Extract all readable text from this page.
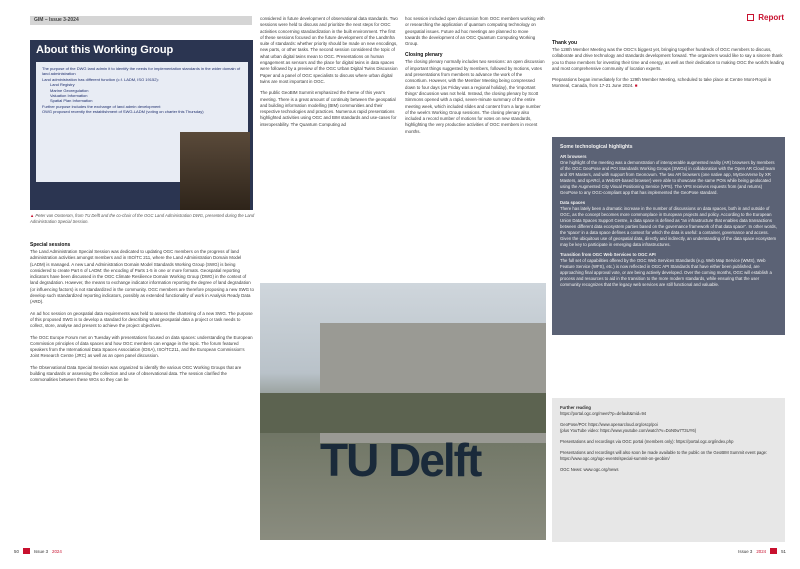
GIM – Issue 3-2024	Report
About this Working Group
The purpose of the DWG land admin it to identify the needs for implementation standards in the wider domain of land administration
Land administration has different function (c.f. LADM, ISO 19152):
Land Registry
Marine Georegulation
Valuation Information
Spatial Plan Information
Further purpose includes the exchange of land admin development
OWG proposed recently the establishment of SWG-LADM (voting on charter this Thursday)
▲ Peter van Oosterom, from TU Delft and the co-chair of the OGC Land Administration DWG, presented during the Land Administration Special Session.
Special sessions

The Land Administration Special Session was dedicated to updating OGC members on the progress of land administration activities amongst members and in ISO/TC 211, where the Land Administration Domain Model (LADM) is managed. A new Land Administration Domain Model Standards Working Group (SWG) is being considered to create Part 6 of LADM: the encoding of Parts 1-5 in one or more formats. Geospatial reporting indicators have been discussed in the OGC Climate Resilience Domain Working Group (DWG) in the context of land degradation. However, the means to exchange indicator information reporting the degree of land degradation (or influencing factors) is not standardized in the community. OGC members are therefore proposing a new SWG to develop such standardized reporting indicators, possibly as extended functionality of work in Analysis Ready Data (ARD).

An ad hoc session on geospatial data requirements was held to assess the chartering of a new SWG. The purpose of this proposed SWG is to develop a standard for describing what geospatial data a project or task needs to collect, store, analyse and present to achieve the project objectives.

The OGC Europe Forum met on Tuesday with presentations focused on data spaces: understanding the European Commission principles of data spaces and how OGC members can engage in the topic. The forum featured speakers from the International Data Spaces Association (IDSA), ISO/TC211, and the European Commission's Joint Research Centre (JRC) as well as an open panel discussion.

The Observational Data Special Session was organized to identify the various OGC Working Groups that are building standards or assessing the collection and use of observational data. The session clarified the commonalities between these WGs so they can be

considered in future development of observational data standards. Two sessions were held to discuss and prioritize the next steps for OGC activities concerning standardization in the built environment. The first of these sessions focused on the future development of the LandInfra suite of standards: whether priority should be made on new encodings, new parts, or other tasks. The second session considered the topic of what urban digital twins mean to OGC. Presentations on human engagement as sensors and the place for digital twins in data spaces were followed by a preview of the OGC Urban Digital Twins Discussion Paper and a panel of OGC specialists to discuss where urban digital twins are most important in OGC.

The public GeoBIM Summit emphasized the theme of this year's meeting. There is a great amount of continuity between the geospatial and building information modelling (BIM) communities and their respective technologies and practices. Numerous rapid presentations highlighted activities using OGC and BIM standards and use-cases for interoperability. The Quantum Computing ad

hoc session included open discussion from OGC members working with or researching the application of quantum computing technology on geospatial issues. Future ad hoc meetings are planned to move towards the development of an OGC Quantum Computing Working Group.

Closing plenary

The closing plenary normally includes two sessions: an open discussion of important things suggested by members, followed by motions, votes and presentations from members to advance the work of the consortium. However, with the Member Meeting being compressed down to four days (as Friday was a regional holiday), the 'important things' discussion was not held. Instead, the closing plenary by Scott Simmons opened with a rapid, seven-minute summary of the entire meeting week, which included slides and content from a large number of the week's Working Group sessions. The closing plenary also included a record number of motions for votes on new standards, highlighting the very productive activities of OGC members in recent months.

Thank you

The 128th Member Meeting was the OGC's biggest yet, bringing together hundreds of OGC members to discuss, collaborate and drive technology and standards development forward. The organizers would like to say a sincere thank you to those members for investing their time and energy, as well as their dedication to making OGC the world's leading and most comprehensive community of location experts.

Preparations began immediately for the 129th Member Meeting, scheduled to take place at Centre Mont-Royal in Montreal, Canada, from 17-21 June 2024. ■

TU Delft
Some technological highlights
AR browsers

One highlight of the meeting was a demonstration of interoperable augmented reality (AR) browsers by members of the OGC GeoPose and POI Standards Working Groups (SWGs) in collaboration with the Open AR Cloud team and XR Masters, and with support from Geonovum. The two AR browsers (one native app, MyGeoVerse by XR Masters, and spARcl, a WebXR-based browser) were able to showcase the same POIs while being geolocated using the Augmented City Visual Positioning Service (VPS). The VPS receives requests from (and returns) GeoPose to any OGC-compliant app that has implemented the GeoPose standard.

Data spaces

There has lately been a dramatic increase in the number of discussions on data spaces, both in and outside of OGC, as the concept becomes more commonplace in European projects and policy. According to the European Union Data Spaces Support Centre, a data space is defined as "an infrastructure that enables data transactions between different data ecosystem parties based on the governance framework of that data space". In other words, the 'space' in a data space defines a context for which the data is useful: a container, governance and access. Given the ubiquitous use of geospatial data, directly and indirectly, an understanding of the data space ecosystem may be key to participate in emerging data infrastructures.

Transition from OGC Web Services to OGC API

The full set of capabilities offered by the OGC Web Services Standards (e.g. Web Map Service (WMS), Web Feature Service (WFS), etc.) is now reflected in OGC API Standards that have either been published, are approaching final approval vote, or are being actively developed. Over the coming months, OGC will establish a process and resources to aid in the transition to the more modern standards, while ensuring that the user community recognizes that the legacy web services are still functional and valuable.

Further reading

https://portal.ogc.org/meet/?p=default&mid=94

GeoPose/POI: https://www.openarcloud.org/oscp/poi
(plus YouTube video: https://www.youtube.com/watch?v=DoN0w7T3UY6)

Presentations and recordings via OGC portal (members only): https://portal.ogc.org/index.php

Presentations and recordings will also soon be made available to the public on the GeoBIM Summit event page: https://www.ogc.org/ogc-events/special-summit-on-geobim/

OGC News: www.ogc.org/news

50	Issue 3 2024	Issue 3 2024	51
